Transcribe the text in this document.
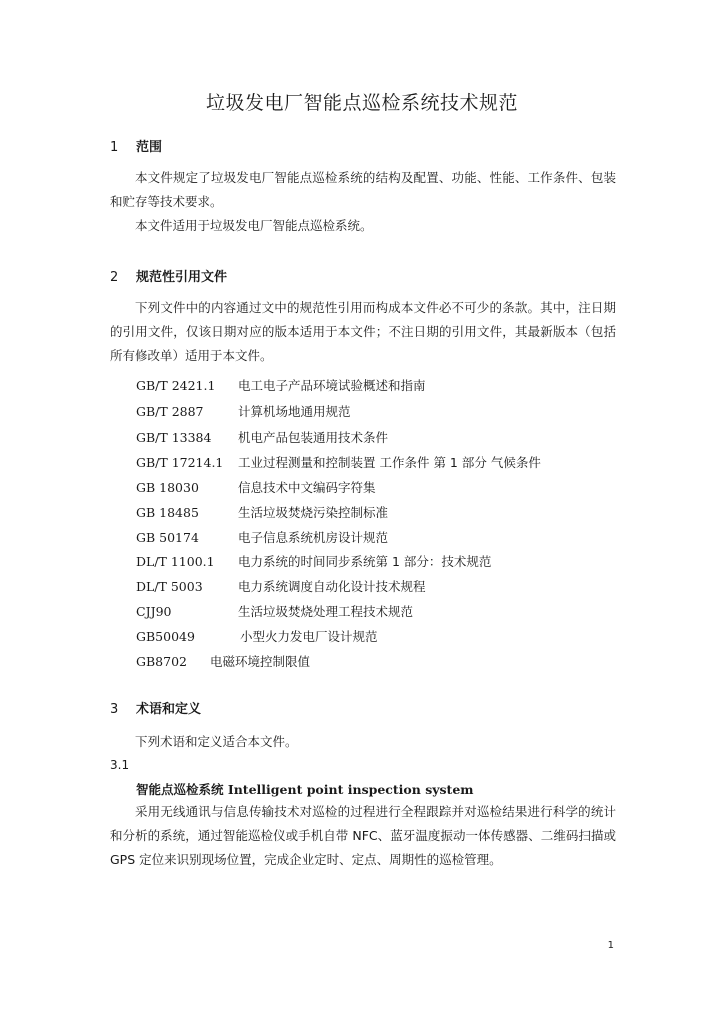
垃圾发电厂智能点巡检系统技术规范
1 范围

本文件规定了垃圾发电厂智能点巡检系统的结构及配置、功能、性能、工作条件、包装和贮存等技术要求。

本文件适用于垃圾发电厂智能点巡检系统。

2 规范性引用文件

下列文件中的内容通过文中的规范性引用而构成本文件必不可少的条款。其中，注日期的引用文件，仅该日期对应的版本适用于本文件；不注日期的引用文件，其最新版本（包括所有修改单）适用于本文件。

GB/T 2421.1 电工电子产品环境试验概述和指南
GB/T 2887	计算机场地通用规范
GB/T 13384 机电产品包装通用技术条件
GB/T 17214.1 工业过程测量和控制装置 工作条件 第 1 部分 气候条件
GB 18030	信息技术中文编码字符集
GB 18485	生活垃圾焚烧污染控制标准
GB 50174	电子信息系统机房设计规范
DL/T 1100.1 电力系统的时间同步系统第 1 部分：技术规范
DL/T 5003	电力系统调度自动化设计技术规程
CJJ90	生活垃圾焚烧处理工程技术规范
GB50049	小型火力发电厂设计规范
GB8702 电磁环境控制限值
3 术语和定义

下列术语和定义适合本文件。

3.1
智能点巡检系统 Intelligent point inspection system

采用无线通讯与信息传输技术对巡检的过程进行全程跟踪并对巡检结果进行科学的统计和分析的系统，通过智能巡检仪或手机自带 NFC、蓝牙温度振动一体传感器、二维码扫描或 GPS 定位来识别现场位置，完成企业定时、定点、周期性的巡检管理。

1
